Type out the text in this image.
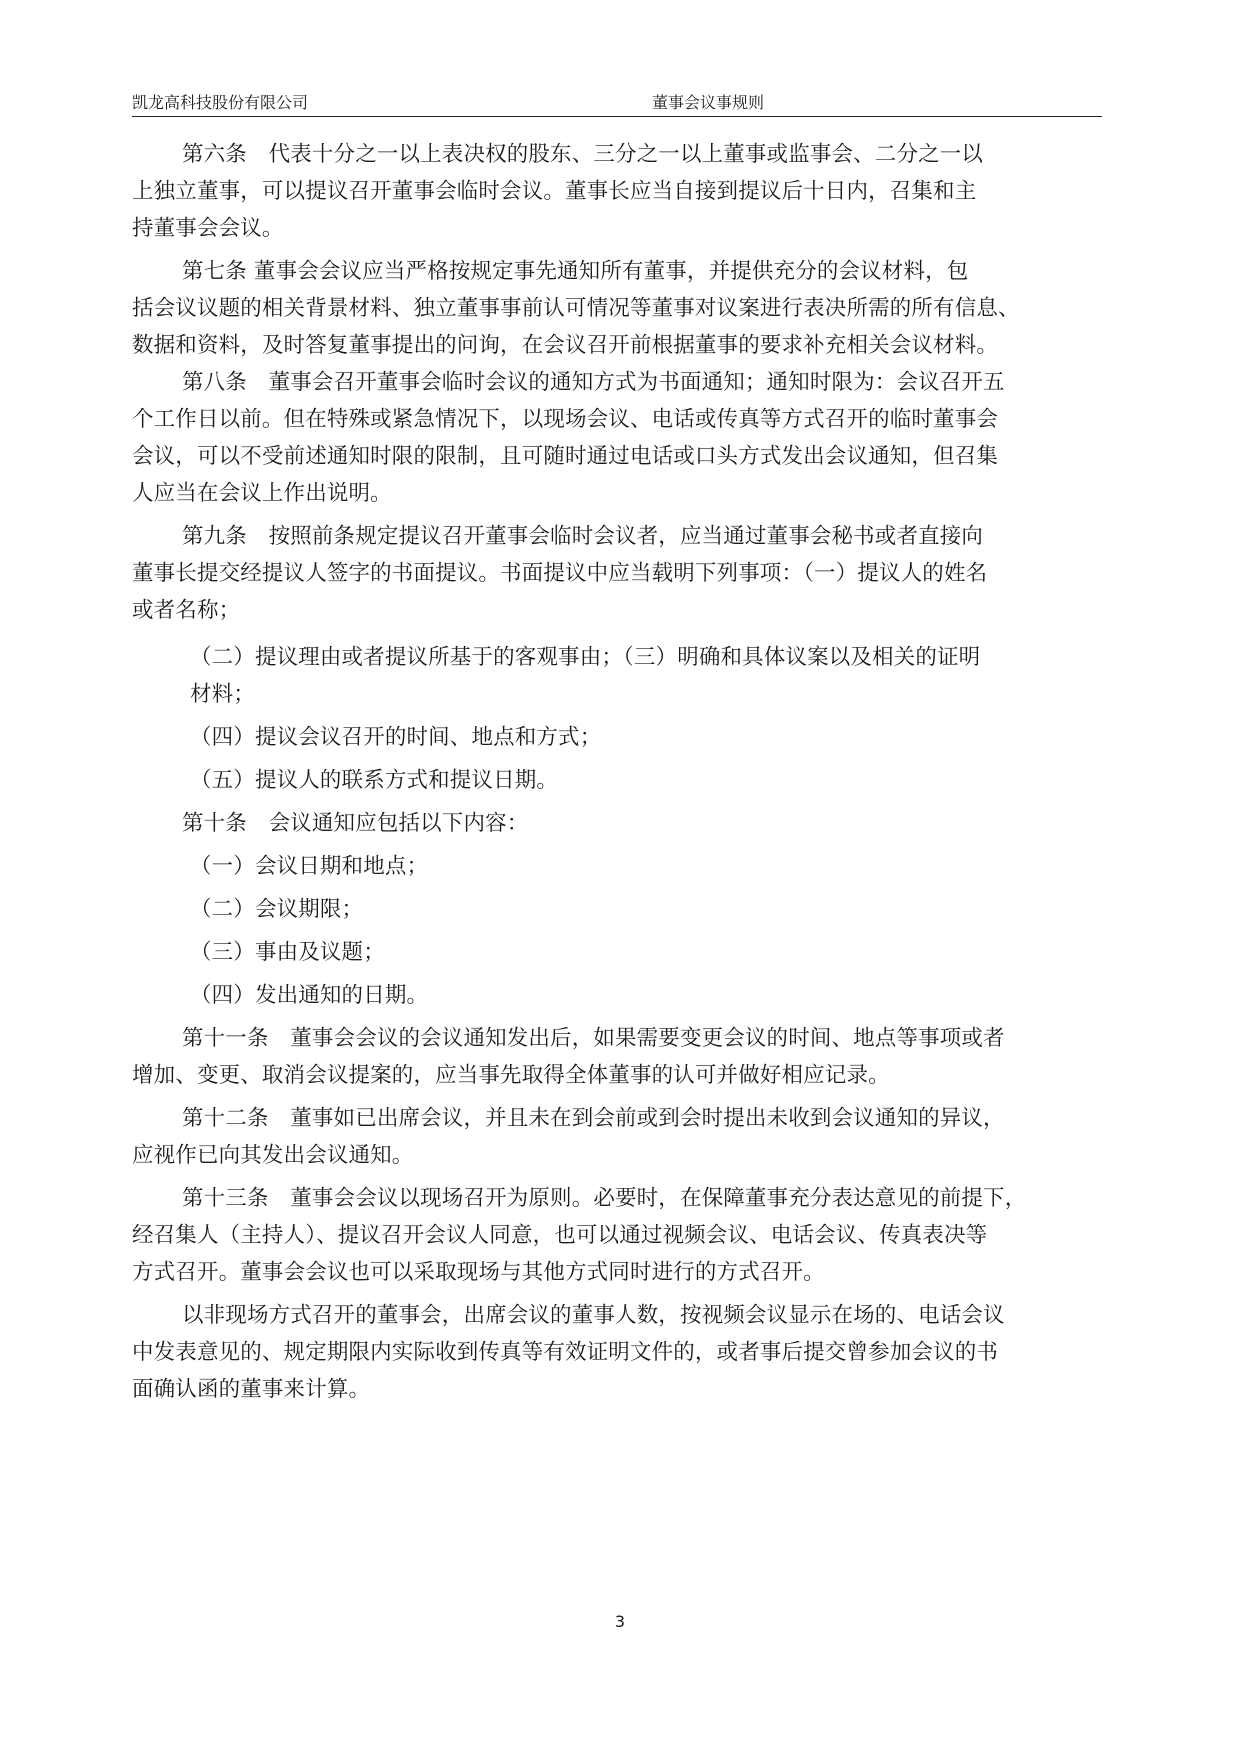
凯龙高科技股份有限公司	董事会议事规则
第六条　代表十分之一以上表决权的股东、三分之一以上董事或监事会、二分之一以
上独立董事，可以提议召开董事会临时会议。董事长应当自接到提议后十日内，召集和主
持董事会会议。
第七条 董事会会议应当严格按规定事先通知所有董事，并提供充分的会议材料，包
括会议议题的相关背景材料、独立董事事前认可情况等董事对议案进行表决所需的所有信息、
数据和资料，及时答复董事提出的问询，在会议召开前根据董事的要求补充相关会议材料。
第八条　董事会召开董事会临时会议的通知方式为书面通知；通知时限为：会议召开五
个工作日以前。但在特殊或紧急情况下，以现场会议、电话或传真等方式召开的临时董事会
会议，可以不受前述通知时限的限制，且可随时通过电话或口头方式发出会议通知，但召集
人应当在会议上作出说明。
第九条　按照前条规定提议召开董事会临时会议者，应当通过董事会秘书或者直接向
董事长提交经提议人签字的书面提议。书面提议中应当载明下列事项：（一）提议人的姓名
或者名称；
（二）提议理由或者提议所基于的客观事由；（三）明确和具体议案以及相关的证明
材料；
（四）提议会议召开的时间、地点和方式；
（五）提议人的联系方式和提议日期。
第十条　会议通知应包括以下内容：
（一）会议日期和地点；
（二）会议期限；
（三）事由及议题；
（四）发出通知的日期。
第十一条　董事会会议的会议通知发出后，如果需要变更会议的时间、地点等事项或者
增加、变更、取消会议提案的，应当事先取得全体董事的认可并做好相应记录。
第十二条　董事如已出席会议，并且未在到会前或到会时提出未收到会议通知的异议，
应视作已向其发出会议通知。
第十三条　董事会会议以现场召开为原则。必要时，在保障董事充分表达意见的前提下，
经召集人（主持人）、提议召开会议人同意，也可以通过视频会议、电话会议、传真表决等
方式召开。董事会会议也可以采取现场与其他方式同时进行的方式召开。
以非现场方式召开的董事会，出席会议的董事人数，按视频会议显示在场的、电话会议
中发表意见的、规定期限内实际收到传真等有效证明文件的，或者事后提交曾参加会议的书
面确认函的董事来计算。
3
